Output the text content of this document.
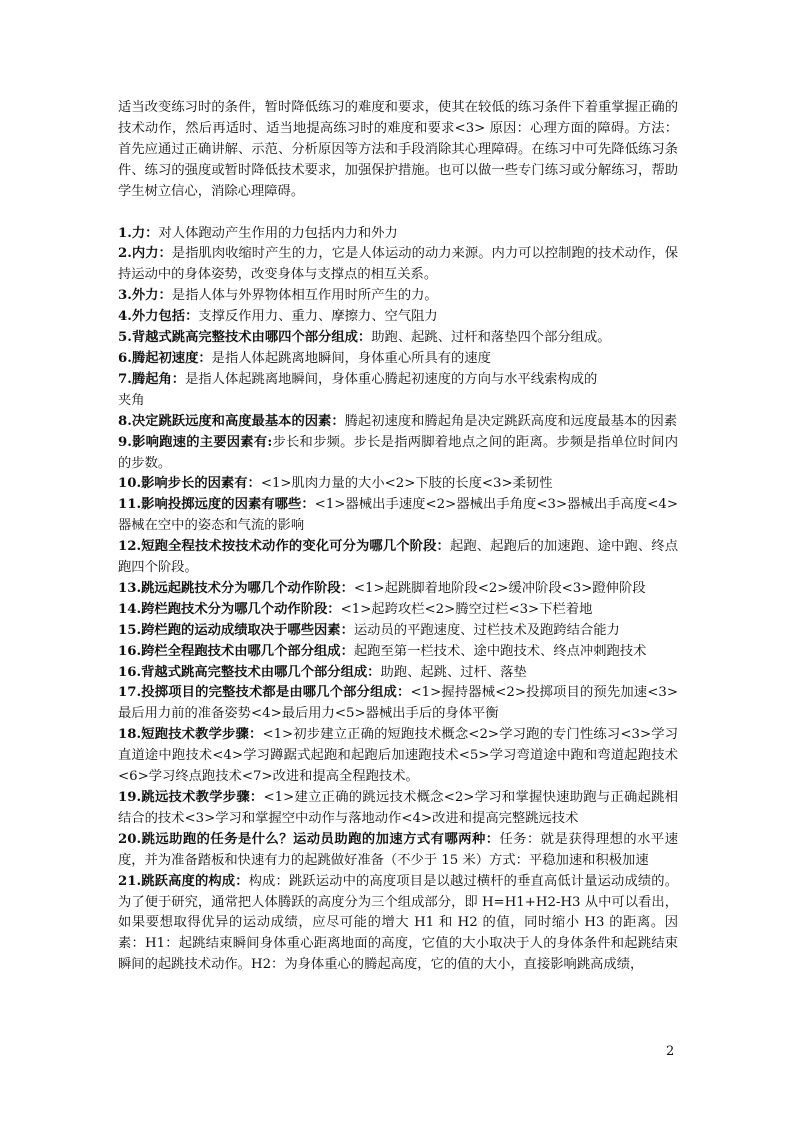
适当改变练习时的条件，暂时降低练习的难度和要求，使其在较低的练习条件下着重掌握正确的技术动作，然后再适时、适当地提高练习时的难度和要求<3> 原因：心理方面的障碍。方法：首先应通过正确讲解、示范、分析原因等方法和手段消除其心理障碍。在练习中可先降低练习条件、练习的强度或暂时降低技术要求，加强保护措施。也可以做一些专门练习或分解练习，帮助学生树立信心，消除心理障碍。

1.力：对人体跑动产生作用的力包括内力和外力

2.内力：是指肌肉收缩时产生的力，它是人体运动的动力来源。内力可以控制跑的技术动作，保持运动中的身体姿势，改变身体与支撑点的相互关系。

3.外力：是指人体与外界物体相互作用时所产生的力。

4.外力包括：支撑反作用力、重力、摩擦力、空气阻力

5.背越式跳高完整技术由哪四个部分组成：助跑、起跳、过杆和落垫四个部分组成。

6.腾起初速度：是指人体起跳离地瞬间，身体重心所具有的速度

7.腾起角：是指人体起跳离地瞬间，身体重心腾起初速度的方向与水平线索构成的
夹角

8.决定跳跃远度和高度最基本的因素：腾起初速度和腾起角是决定跳跃高度和远度最基本的因素

9.影响跑速的主要因素有:步长和步频。步长是指两脚着地点之间的距离。步频是指单位时间内的步数。

10.影响步长的因素有：<1>肌肉力量的大小<2>下肢的长度<3>柔韧性

11.影响投掷远度的因素有哪些：<1>器械出手速度<2>器械出手角度<3>器械出手高度<4>器械在空中的姿态和气流的影响

12.短跑全程技术按技术动作的变化可分为哪几个阶段：起跑、起跑后的加速跑、途中跑、终点跑四个阶段。

13.跳远起跳技术分为哪几个动作阶段：<1>起跳脚着地阶段<2>缓冲阶段<3>蹬伸阶段

14.跨栏跑技术分为哪几个动作阶段：<1>起跨攻栏<2>腾空过栏<3>下栏着地

15.跨栏跑的运动成绩取决于哪些因素：运动员的平跑速度、过栏技术及跑跨结合能力

16.跨栏全程跑技术由哪几个部分组成：起跑至第一栏技术、途中跑技术、终点冲刺跑技术

16.背越式跳高完整技术由哪几个部分组成：助跑、起跳、过杆、落垫

17.投掷项目的完整技术都是由哪几个部分组成：<1>握持器械<2>投掷项目的预先加速<3>最后用力前的准备姿势<4>最后用力<5>器械出手后的身体平衡

18.短跑技术教学步骤：<1>初步建立正确的短跑技术概念<2>学习跑的专门性练习<3>学习直道途中跑技术<4>学习蹲踞式起跑和起跑后加速跑技术<5>学习弯道途中跑和弯道起跑技术<6>学习终点跑技术<7>改进和提高全程跑技术。

19.跳远技术教学步骤：<1>建立正确的跳远技术概念<2>学习和掌握快速助跑与正确起跳相结合的技术<3>学习和掌握空中动作与落地动作<4>改进和提高完整跳远技术

20.跳远助跑的任务是什么？运动员助跑的加速方式有哪两种：任务：就是获得理想的水平速度，并为准备踏板和快速有力的起跳做好准备（不少于 15 米）方式：平稳加速和积极加速

21.跳跃高度的构成：构成：跳跃运动中的高度项目是以越过横杆的垂直高低计量运动成绩的。为了便于研究，通常把人体腾跃的高度分为三个组成部分，即 H=H1+H2-H3 从中可以看出，如果要想取得优异的运动成绩，应尽可能的增大 H1 和 H2 的值，同时缩小 H3 的距离。因素：H1：起跳结束瞬间身体重心距离地面的高度，它值的大小取决于人的身体条件和起跳结束瞬间的起跳技术动作。H2：为身体重心的腾起高度，它的值的大小，直接影响跳高成绩，

2
